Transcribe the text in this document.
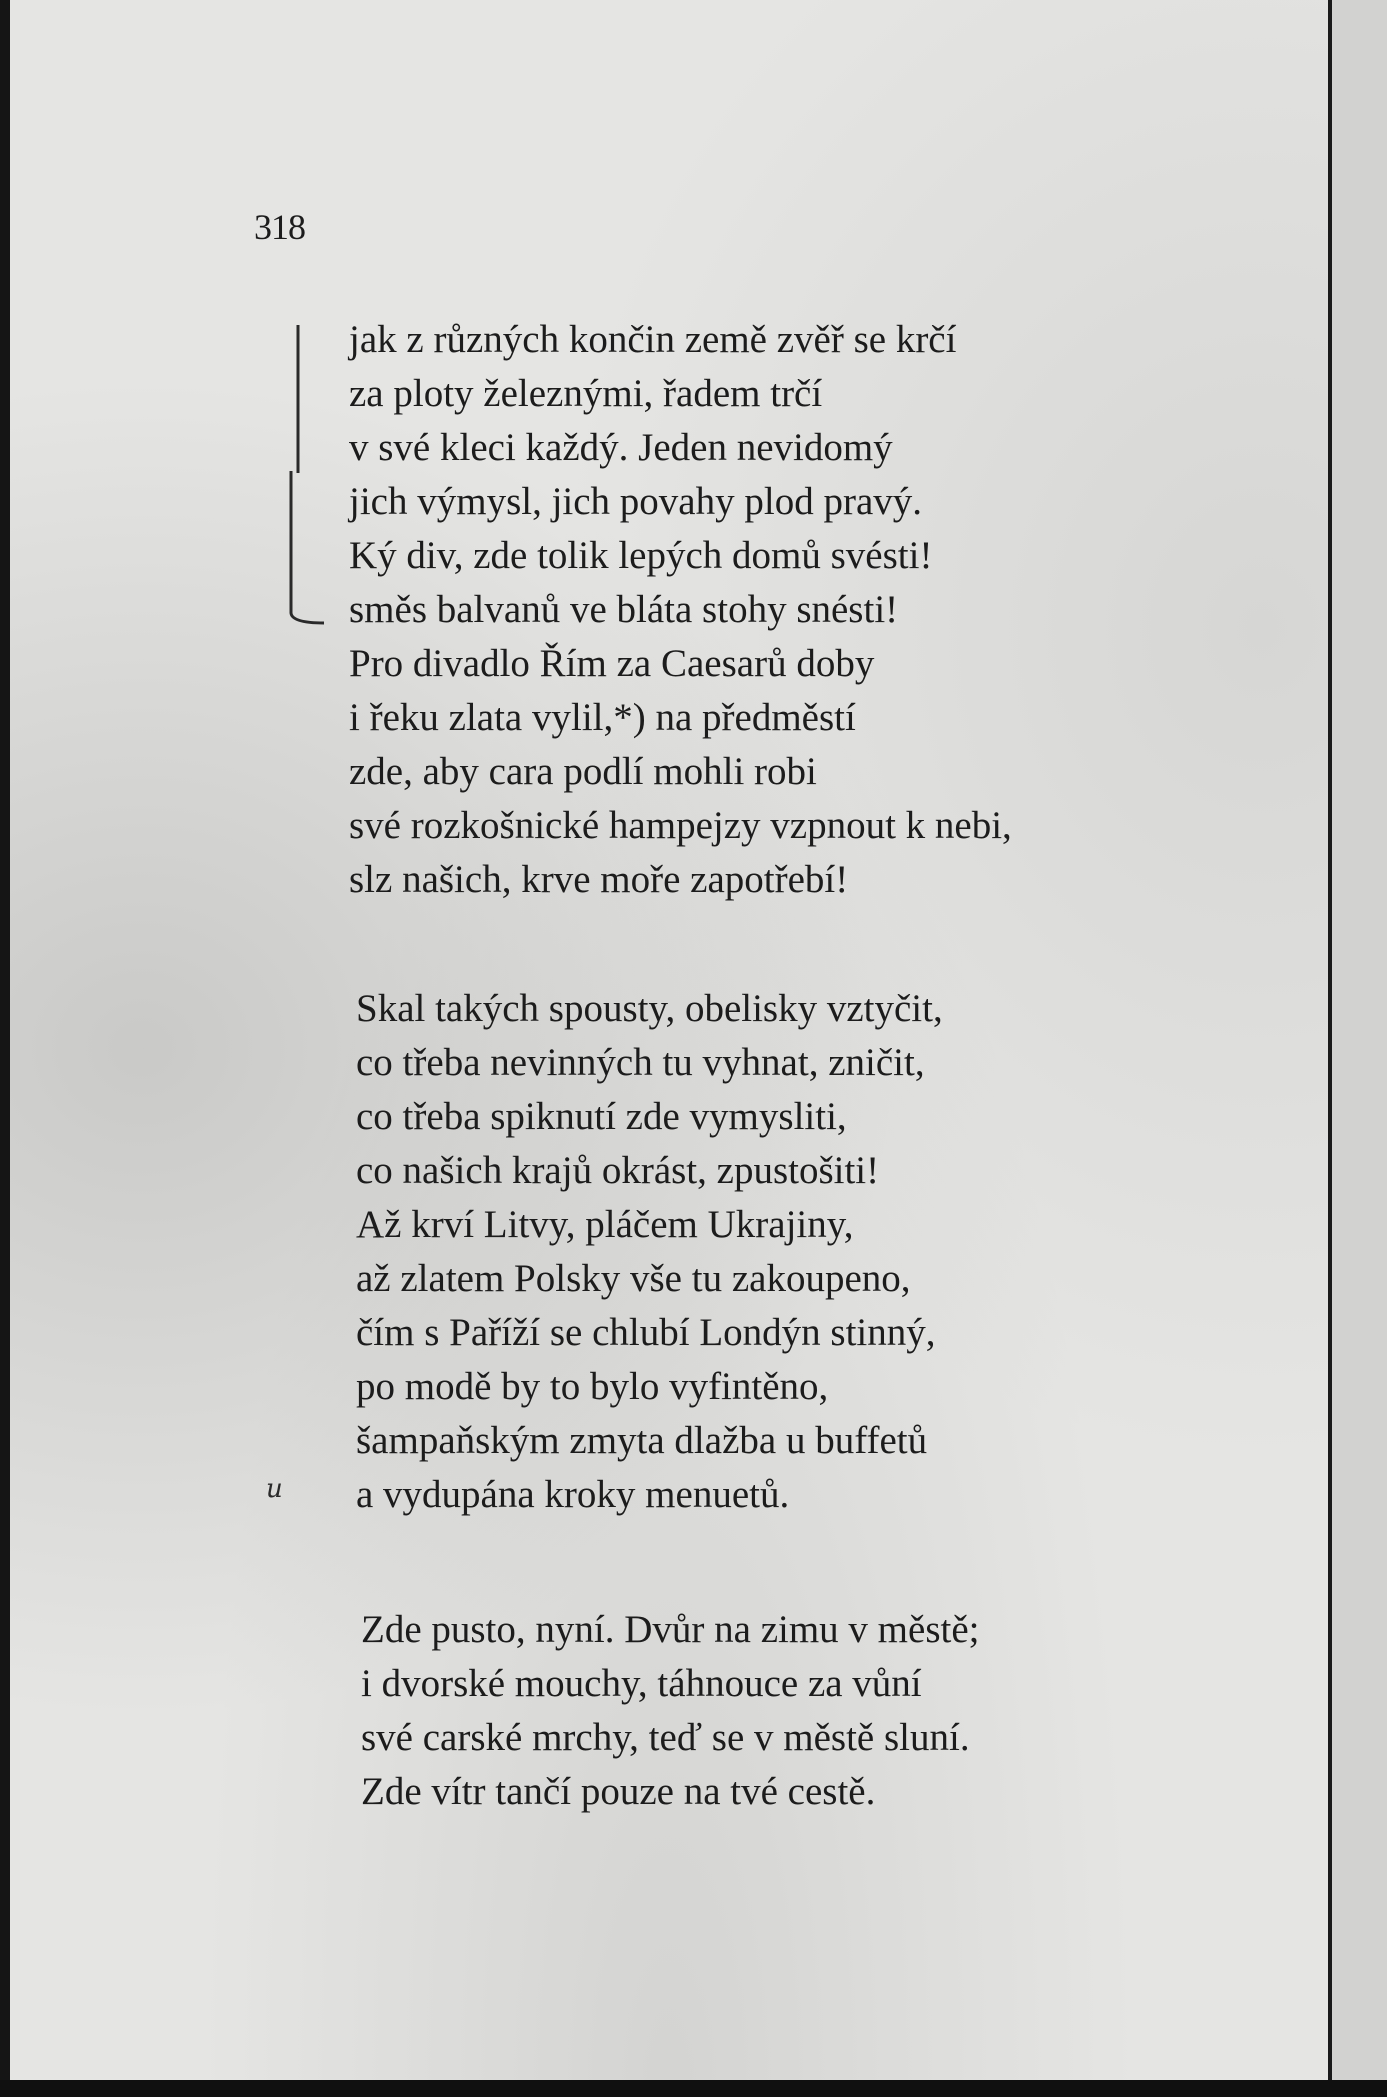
318
jak z různých končin země zvěř se krčí
za ploty železnými, řadem trčí
v své kleci každý. Jeden nevidomý
jich výmysl, jich povahy plod pravý.
Ký div, zde tolik lepých domů svésti!
směs balvanů ve bláta stohy snésti!
Pro divadlo Řím za Caesarů doby
i řeku zlata vylil,*) na předměstí
zde, aby cara podlí mohli robi
své rozkošnické hampejzy vzpnout k nebi,
slz našich, krve moře zapotřebí!
Skal takých spousty, obelisky vztyčit,
co třeba nevinných tu vyhnat, zničit,
co třeba spiknutí zde vymysliti,
co našich krajů okrást, zpustošiti!
Až krví Litvy, pláčem Ukrajiny,
až zlatem Polsky vše tu zakoupeno,
čím s Paříží se chlubí Londýn stinný,
po modě by to bylo vyfintěno,
šampaňským zmyta dlažba u buffetů
a vydupána kroky menuetů.
u
Zde pusto, nyní. Dvůr na zimu v městě;
i dvorské mouchy, táhnouce za vůní
své carské mrchy, teď se v městě sluní.
Zde vítr tančí pouze na tvé cestě.
